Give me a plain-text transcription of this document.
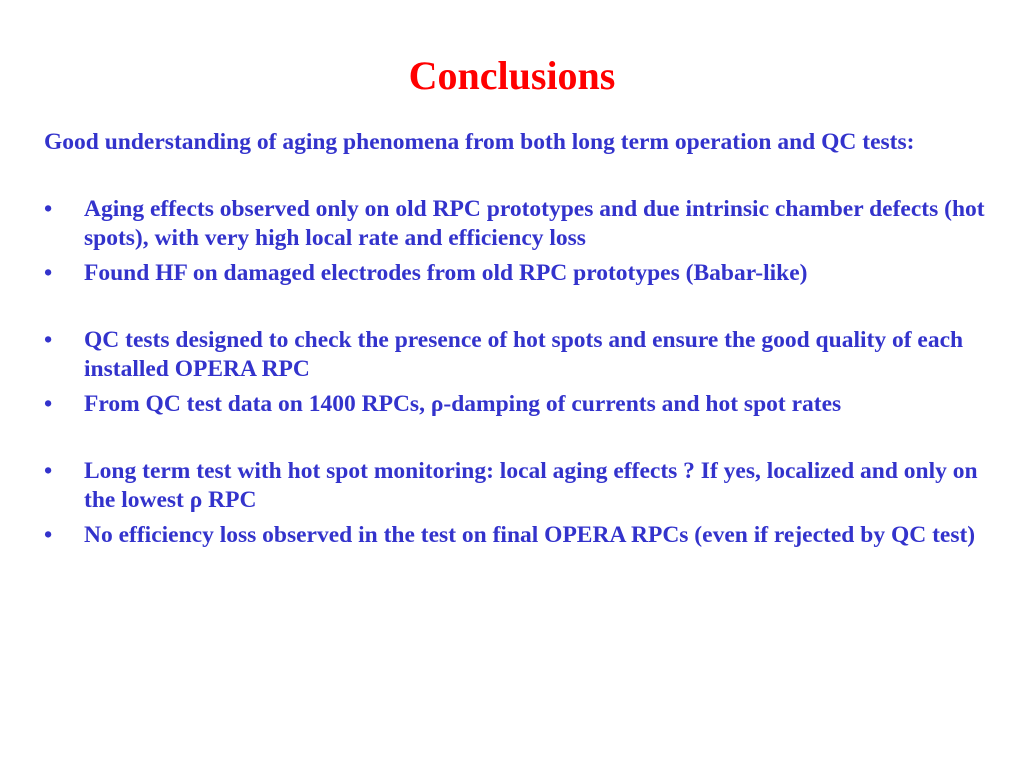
Conclusions

Good understanding of aging phenomena from both long term operation and QC tests:

•	Aging effects observed only on old RPC prototypes and due intrinsic chamber defects (hot spots), with very high local rate and efficiency loss
•	Found HF on damaged electrodes from old RPC prototypes (Babar-like)
•	QC tests designed to check the presence of hot spots and ensure the good quality of each installed OPERA RPC
•	From QC test data on 1400 RPCs, ρ-damping of currents and hot spot rates
•	Long term test with hot spot monitoring: local aging effects ? If yes, localized and only on the lowest ρ RPC
•	No efficiency loss observed in the test on final OPERA RPCs (even if rejected by QC test)
